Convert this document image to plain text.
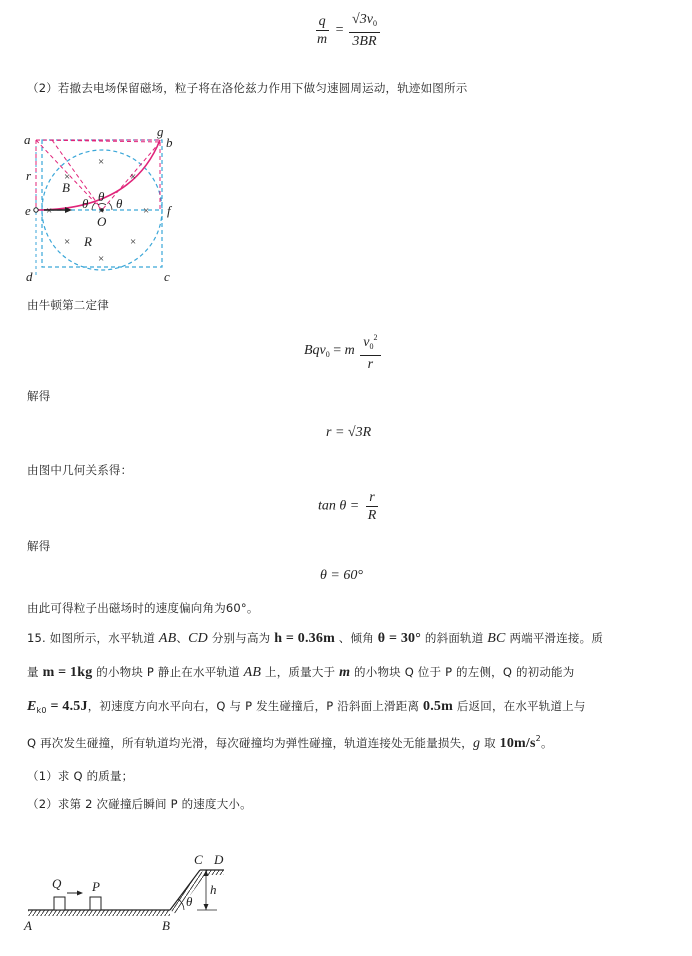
$\frac{q}{m} = \frac{√3v_0}{3BR}$
（2）若撤去电场保留磁场，粒子将在洛伦兹力作用下做匀速圆周运动，轨迹如图所示
×
×	×
×	×	×
×	×
×
a	b
c
d
e	f
g
r
B
R
O
θ θ θ
由牛顿第二定律
Bqv$_0$ = m $\frac{v_0^2}{r}$
解得
r = √3R
由图中几何关系得：
$\tan \theta = \frac{r}{R}$
解得
θ = 60°
由此可得粒子出磁场时的速度偏向角为60°。
15. 如图所示，水平轨道 AB、CD 分别与高为 h = 0.36m 、倾角 θ = 30° 的斜面轨道 BC 两端平滑连接。质
量 m = 1kg 的小物块 P 静止在水平轨道 AB 上，质量大于 m 的小物块 Q 位于 P 的左侧，Q 的初动能为
$E_{k0} = 4.5J$，初速度方向水平向右，Q 与 P 发生碰撞后，P 沿斜面上滑距离 0.5m 后返回，在水平轨道上与
Q 再次发生碰撞，所有轨道均光滑，每次碰撞均为弹性碰撞，轨道连接处无能量损失，g 取 $10m/s^2$。
（1）求 Q 的质量；
（2）求第 2 次碰撞后瞬间 P 的速度大小。
Q P
A	B
C D
h
θ
